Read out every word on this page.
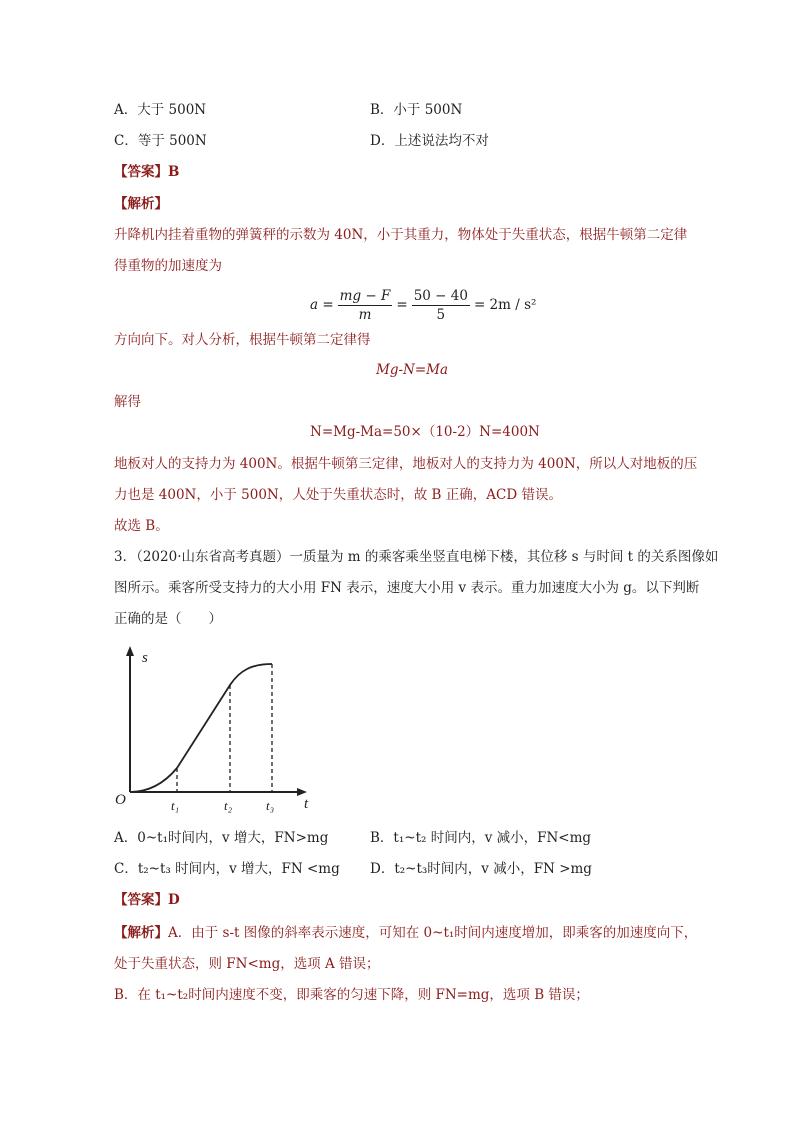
A．大于 500N	B．小于 500N
C．等于 500N	D．上述说法均不对
【答案】B
【解析】
升降机内挂着重物的弹簧秤的示数为 40N，小于其重力，物体处于失重状态，根据牛顿第二定律
得重物的加速度为
$a = \frac{mg - F}{m} = \frac{50 - 40}{5} = 2m / s^2$
方向向下。对人分析，根据牛顿第二定律得
Mg-N=Ma
解得
N=Mg-Ma=50×（10-2）N=400N
地板对人的支持力为 400N。根据牛顿第三定律，地板对人的支持力为 400N，所以人对地板的压
力也是 400N，小于 500N，人处于失重状态时，故 B 正确，ACD 错误。
故选 B。
3．（2020·山东省高考真题）一质量为 m 的乘客乘坐竖直电梯下楼，其位移 s 与时间 t 的关系图像如
图所示。乘客所受支持力的大小用 FN 表示，速度大小用 v 表示。重力加速度大小为 g。以下判断
正确的是（　　）
s
t
O	t₁	t₂	t₃
A．0~t₁时间内，v 增大，FN>mg	B．t₁~t₂ 时间内，v 减小，FN<mg
C．t₂~t₃ 时间内，v 增大，FN <mg D．t₂~t₃时间内，v 减小，FN >mg
【答案】D
【解析】A．由于 s-t 图像的斜率表示速度，可知在 0~t₁时间内速度增加，即乘客的加速度向下，
处于失重状态，则 FN<mg，选项 A 错误；
B．在 t₁~t₂时间内速度不变，即乘客的匀速下降，则 FN=mg，选项 B 错误；
